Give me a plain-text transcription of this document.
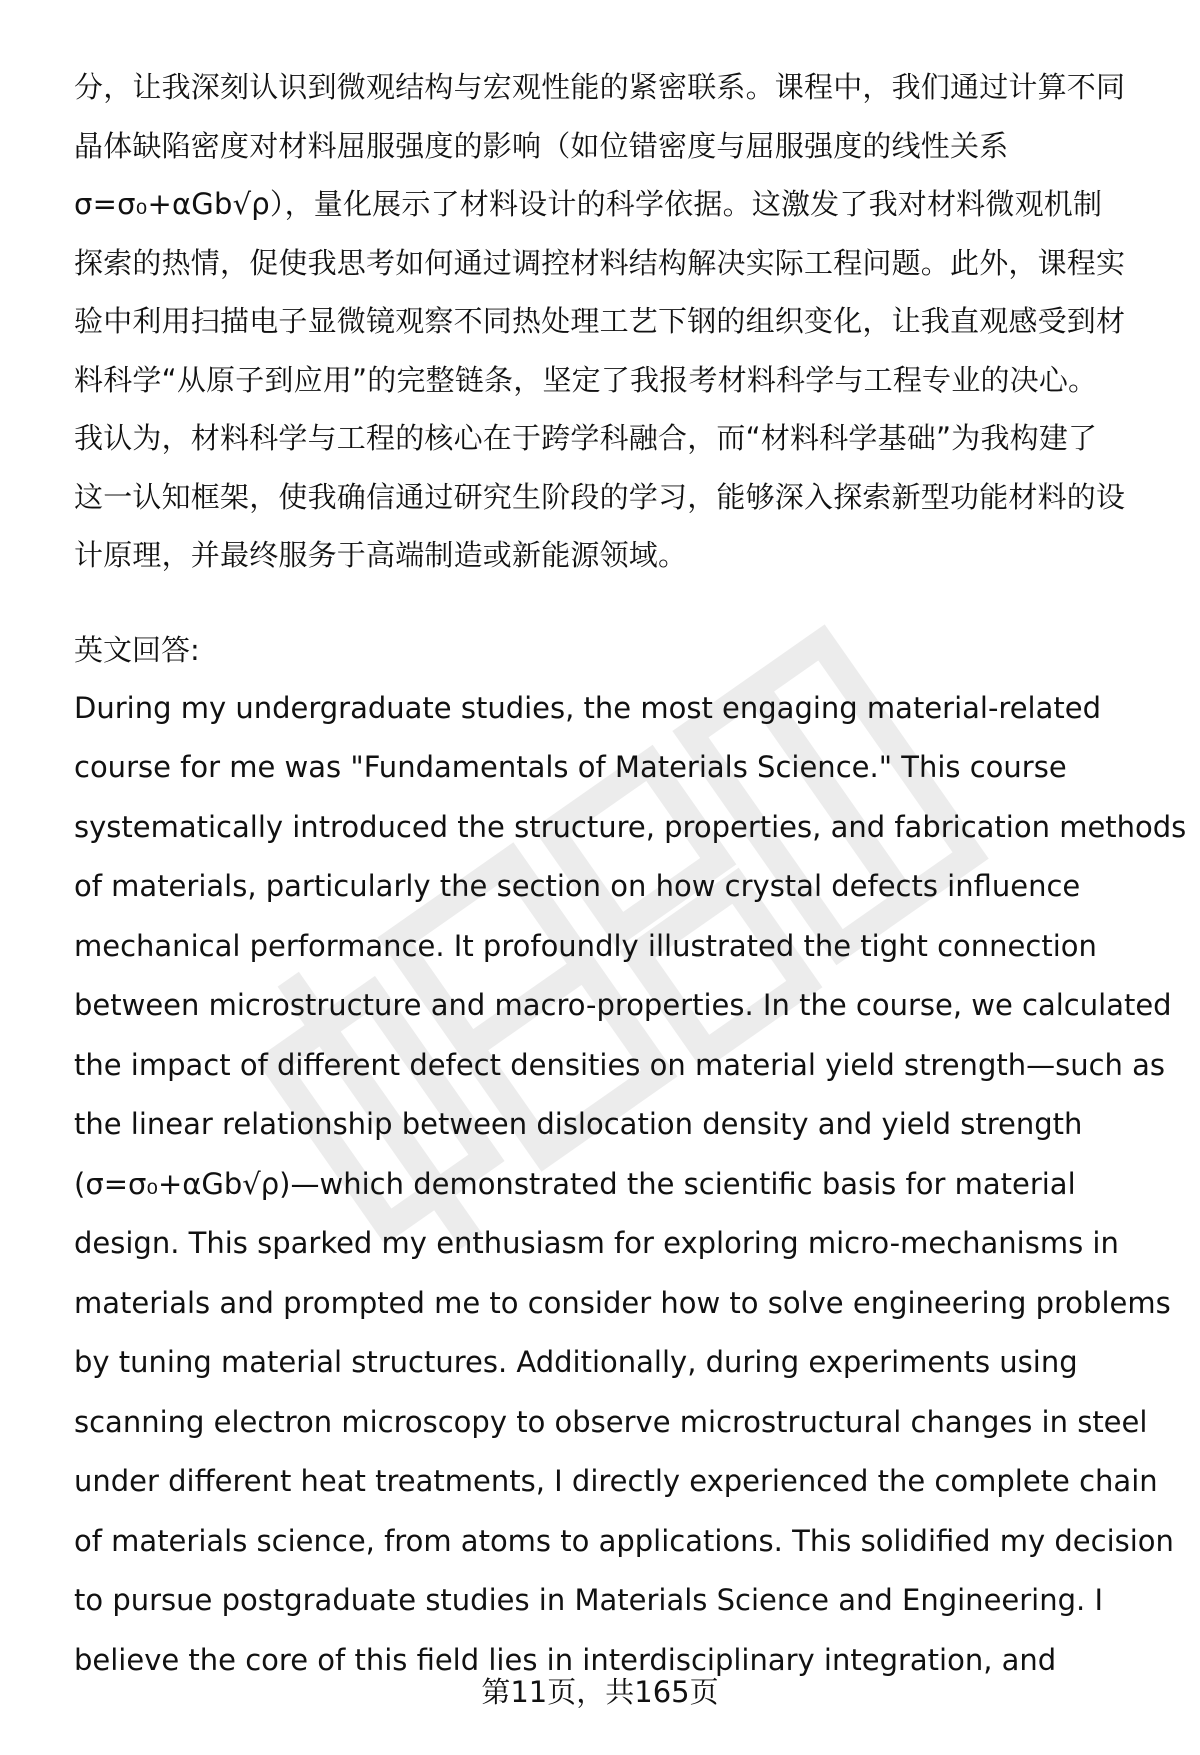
分，让我深刻认识到微观结构与宏观性能的紧密联系。课程中，我们通过计算不同
晶体缺陷密度对材料屈服强度的影响（如位错密度与屈服强度的线性关系
σ=σ₀+αGb√ρ），量化展示了材料设计的科学依据。这激发了我对材料微观机制
探索的热情，促使我思考如何通过调控材料结构解决实际工程问题。此外，课程实
验中利用扫描电子显微镜观察不同热处理工艺下钢的组织变化，让我直观感受到材
料科学“从原子到应用”的完整链条，坚定了我报考材料科学与工程专业的决心。
我认为，材料科学与工程的核心在于跨学科融合，而“材料科学基础”为我构建了
这一认知框架，使我确信通过研究生阶段的学习，能够深入探索新型功能材料的设
计原理，并最终服务于高端制造或新能源领域。
英文回答:
During my undergraduate studies, the most engaging material-related
course for me was "Fundamentals of Materials Science." This course
systematically introduced the structure, properties, and fabrication methods
of materials, particularly the section on how crystal defects influence
mechanical performance. It profoundly illustrated the tight connection
between microstructure and macro-properties. In the course, we calculated
the impact of different defect densities on material yield strength—such as
the linear relationship between dislocation density and yield strength
(σ=σ₀+αGb√ρ)—which demonstrated the scientific basis for material
design. This sparked my enthusiasm for exploring micro-mechanisms in
materials and prompted me to consider how to solve engineering problems
by tuning material structures. Additionally, during experiments using
scanning electron microscopy to observe microstructural changes in steel
under different heat treatments, I directly experienced the complete chain
of materials science, from atoms to applications. This solidified my decision
to pursue postgraduate studies in Materials Science and Engineering. I
believe the core of this field lies in interdisciplinary integration, and
第11页，共165页
